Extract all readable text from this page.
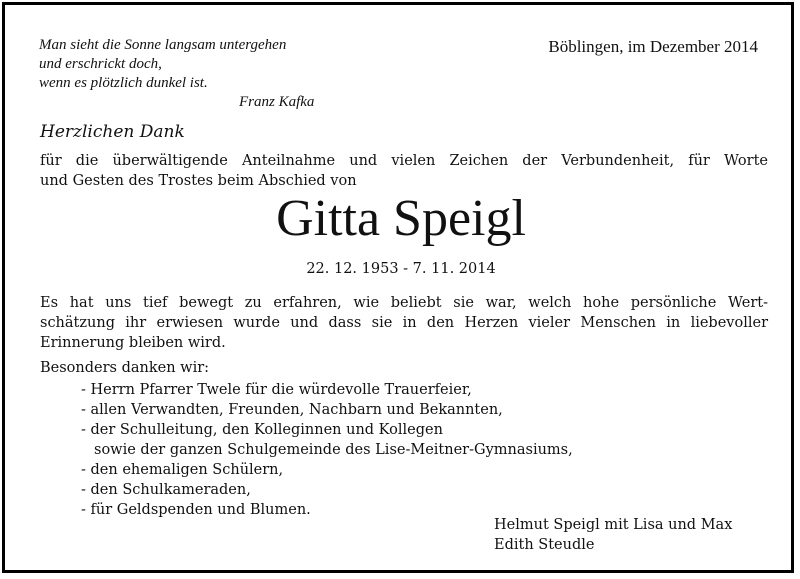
Man sieht die Sonne langsam untergehen
und erschrickt doch,
wenn es plötzlich dunkel ist.
Franz Kafka
Böblingen, im Dezember 2014
Herzlichen Dank
für die überwältigende Anteilnahme und vielen Zeichen der Verbundenheit, für Worte
und Gesten des Trostes beim Abschied von
Gitta Speigl
22. 12. 1953 - 7. 11. 2014
Es hat uns tief bewegt zu erfahren, wie beliebt sie war, welch hohe persönliche Wert-
schätzung ihr erwiesen wurde und dass sie in den Herzen vieler Menschen in liebevoller
Erinnerung bleiben wird.
Besonders danken wir:
- Herrn Pfarrer Twele für die würdevolle Trauerfeier,
- allen Verwandten, Freunden, Nachbarn und Bekannten,
- der Schulleitung, den Kolleginnen und Kollegen
sowie der ganzen Schulgemeinde des Lise-Meitner-Gymnasiums,
- den ehemaligen Schülern,
- den Schulkameraden,
- für Geldspenden und Blumen.
Helmut Speigl mit Lisa und Max
Edith Steudle
